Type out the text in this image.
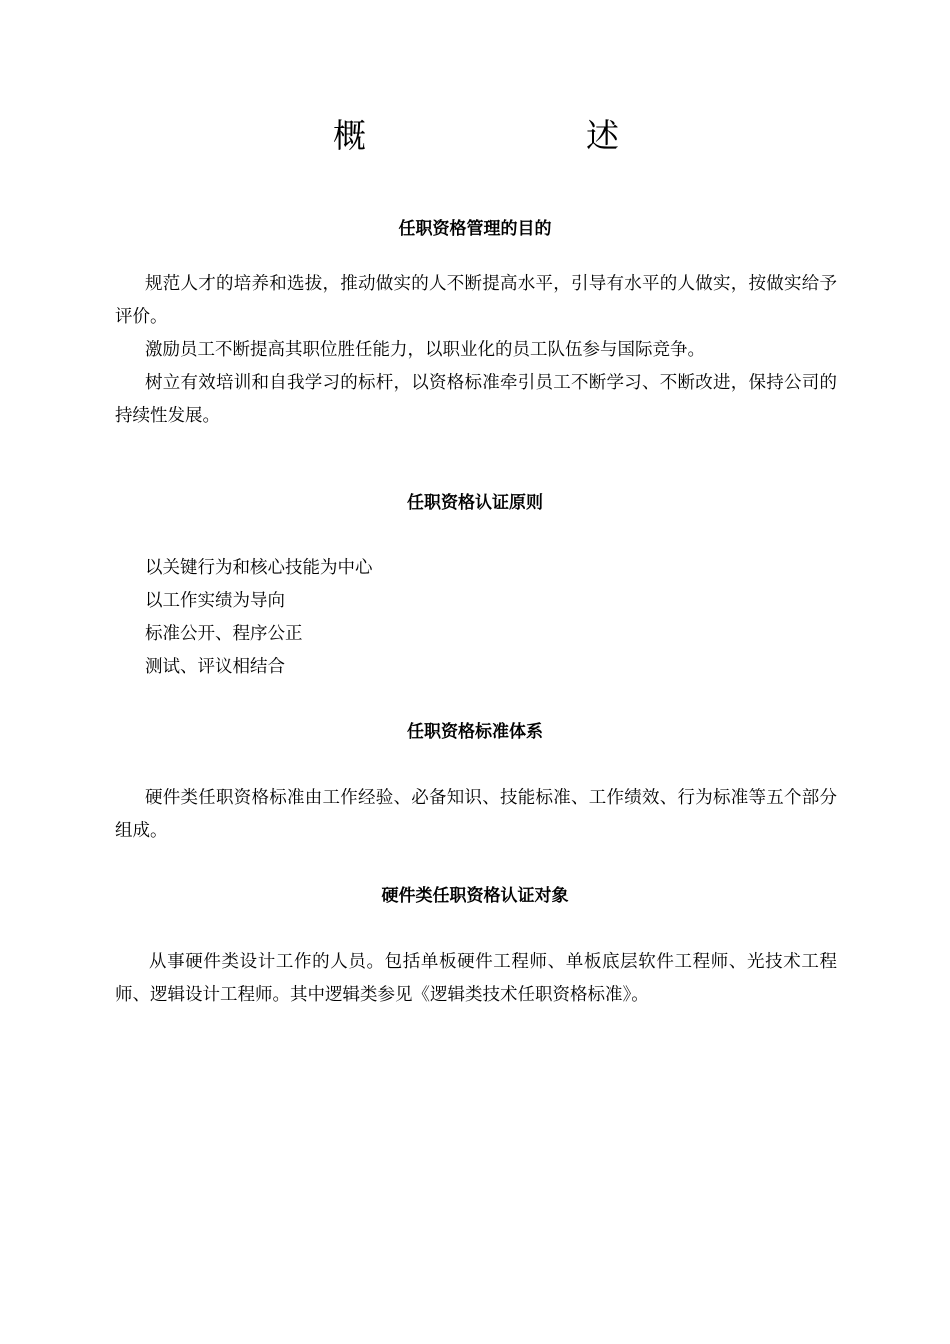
概	述
任职资格管理的目的

规范人才的培养和选拔，推动做实的人不断提高水平，引导有水平的人做实，按做实给予评价。

激励员工不断提高其职位胜任能力，以职业化的员工队伍参与国际竞争。

树立有效培训和自我学习的标杆，以资格标准牵引员工不断学习、不断改进，保持公司的持续性发展。

任职资格认证原则

以关键行为和核心技能为中心

以工作实绩为导向

标准公开、程序公正

测试、评议相结合

任职资格标准体系

硬件类任职资格标准由工作经验、必备知识、技能标准、工作绩效、行为标准等五个部分组成。

硬件类任职资格认证对象

从事硬件类设计工作的人员。包括单板硬件工程师、单板底层软件工程师、光技术工程师、逻辑设计工程师。其中逻辑类参见《逻辑类技术任职资格标准》。
